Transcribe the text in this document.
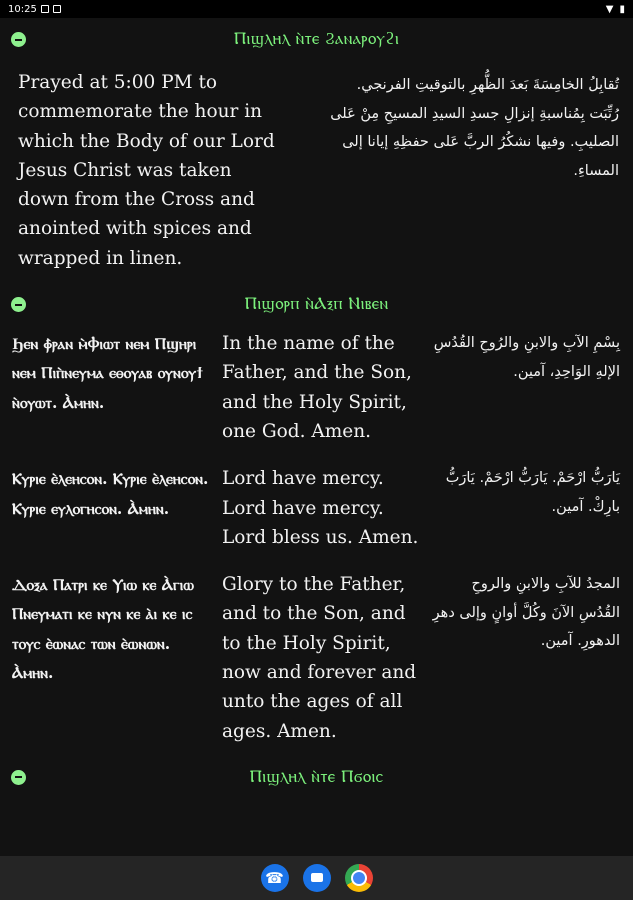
10:25	▼ ▮
Ⲡⲓϣⲗⲏⲗ ⲛ̀ⲧⲉ Ϩⲁⲛⲁⲣⲟⲩϩⲓ
Prayed at 5:00 PM to commemorate the hour in which the Body of our Lord Jesus Christ was taken down from the Cross and anointed with spices and wrapped in linen.
تُقابِلُ الخامِسَةَ بَعدَ الظُّهرِ بالتوقيتِ الفرنجي. رُتِّبَت بِمُناسبةِ إنزالِ جسدِ السيدِ المسيحِ مِنْ عَلى الصليبِ. وفيها نشكُرُ الربَّ عَلى حفظِهِ إيانا إلى المساءِ.
Ⲡⲓϣⲟⲣⲡ ⲛ̀Ⲁⲝⲡ Ⲛⲓⲃⲉⲛ
Ϧⲉⲛ ⲫ̀ⲣⲁⲛ ⲙ̀Ⲫⲓⲱⲧ ⲛⲉⲙ Ⲡϣⲏⲣⲓ ⲛⲉⲙ Ⲡⲓⲡ̀ⲛⲉⲩⲙⲁ ⲉⲑⲟⲩⲁⲃ ⲟⲩⲛⲟⲩϯ ⲛ̀ⲟⲩⲱⲧ. Ⲁ̀ⲙⲏⲛ.
In the name of the Father, and the Son, and the Holy Spirit, one God. Amen.
بِسْمِ الآبِ والابنِ والرُوحِ القُدُسِ الإلهِ الوَاحِدِ، آمين.
Ⲕⲩⲣⲓⲉ ⲉ̀ⲗⲉⲏⲥⲟⲛ. Ⲕⲩⲣⲓⲉ ⲉ̀ⲗⲉⲏⲥⲟⲛ. Ⲕⲩⲣⲓⲉ ⲉⲩⲗⲟⲅⲏⲥⲟⲛ. Ⲁ̀ⲙⲏⲛ.
Lord have mercy. Lord have mercy. Lord bless us. Amen.
يَارَبُّ ارْحَمْ. يَارَبُّ ارْحَمْ. يَارَبُّ بارِكْ. آمين.
Ⲇⲟⲝⲁ Ⲡⲁⲧⲣⲓ ⲕⲉ Ⲩⲓⲱ ⲕⲉ Ⲁ̀ⲅⲓⲱ Ⲡⲛⲉⲩⲙⲁⲧⲓ ⲕⲉ ⲛⲩⲛ ⲕⲉ ⲁ̀ⲓ ⲕⲉ ⲓⲥ ⲧⲟⲩⲥ ⲉ̀ⲱⲛⲁⲥ ⲧⲱⲛ ⲉ̀ⲱⲛⲱⲛ. Ⲁ̀ⲙⲏⲛ.
Glory to the Father, and to the Son, and to the Holy Spirit, now and forever and unto the ages of all ages. Amen.
المجدُ للآبِ والابنِ والروحِ القُدُسِ الآنَ وكُلَّ أوانٍ وإلى دهرِ الدهورِ. آمين.
Ⲡⲓϣⲗⲏⲗ ⲛ̀ⲧⲉ Ⲡϭⲟⲓⲥ
☎
